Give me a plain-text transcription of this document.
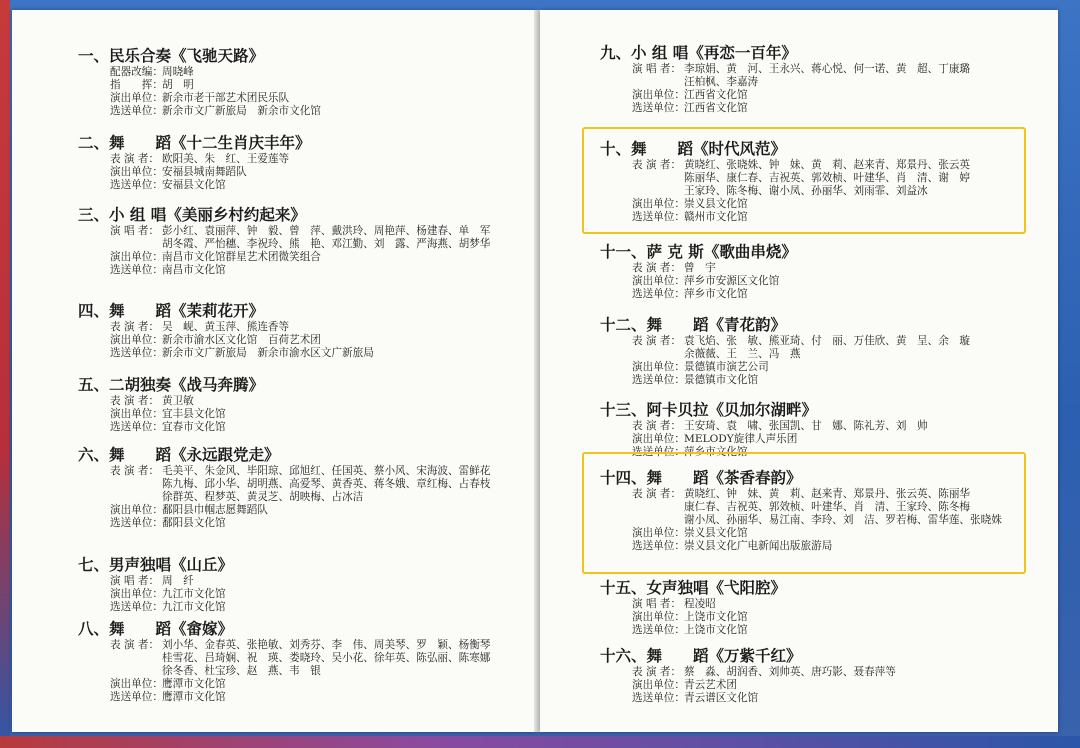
一、民乐合奏《飞驰天路》
配器改编： 周晓峰
指　　挥： 胡　明
演出单位： 新余市老干部艺术团民乐队
选送单位： 新余市文广新旅局　新余市文化馆
二、舞　　蹈《十二生肖庆丰年》
表 演 者： 欧阳美、朱　红、王爱莲等
演出单位： 安福县城南舞蹈队
选送单位： 安福县文化馆
三、小 组 唱《美丽乡村约起来》
演 唱 者： 彭小红、袁丽萍、钟　毅、曾　萍、戴洪玲、周艳萍、杨建春、单　军
胡冬霞、严怡穗、李祝玲、熊　艳、邓江勤、刘　露、严海燕、胡梦华
演出单位： 南昌市文化馆群星艺术团微笑组合
选送单位： 南昌市文化馆
四、舞　　蹈《茉莉花开》
表 演 者： 吴　岘、黄玉萍、熊连香等
演出单位： 新余市渝水区文化馆　百荷艺术团
选送单位： 新余市文广新旅局　新余市渝水区文广新旅局
五、二胡独奏《战马奔腾》
表 演 者： 黄卫敏
演出单位： 宜丰县文化馆
选送单位： 宜春市文化馆
六、舞　　蹈《永远跟党走》
表 演 者： 毛美平、朱金风、毕阳琼、邱旭红、任国英、蔡小风、宋海波、雷鲜花
陈九梅、邱小华、胡明燕、高爱琴、黄香英、蒋冬娥、章红梅、占春枝
徐群英、程梦英、黄灵芝、胡映梅、占冰洁
演出单位： 鄱阳县巾帼志愿舞蹈队
选送单位： 鄱阳县文化馆
七、男声独唱《山丘》
演 唱 者： 周　纤
演出单位： 九江市文化馆
选送单位： 九江市文化馆
八、舞　　蹈《畲嫁》
表 演 者： 刘小华、金春英、张艳敏、刘秀芬、李　伟、周美琴、罗　颖、杨衡琴
桂雪花、吕琦娴、祝　瑛、娄晓玲、吴小花、徐年英、陈弘丽、陈寒娜
徐冬香、杜宝珍、赵　燕、韦　银
演出单位： 鹰潭市文化馆
选送单位： 鹰潭市文化馆
九、小 组 唱《再恋一百年》
演 唱 者： 李琼娟、黄　河、王永兴、蒋心悦、何一诺、黄　超、丁康璐
汪柏枫、李嘉涛
演出单位： 江西省文化馆
选送单位： 江西省文化馆
十、舞　　蹈《时代风范》
表 演 者： 黄晓红、张晓姝、钟　妹、黄　莉、赵来青、郑景丹、张云英
陈丽华、康仁春、吉祝英、郭效桢、叶建华、肖　清、谢　婷
王家玲、陈冬梅、谢小凤、孙丽华、刘雨霏、刘益冰
演出单位： 崇义县文化馆
选送单位： 赣州市文化馆
十一、萨 克 斯《歌曲串烧》
表 演 者： 曾　宇
演出单位： 萍乡市安源区文化馆
选送单位： 萍乡市文化馆
十二、舞　　蹈《青花韵》
表 演 者： 袁飞焰、张　敏、熊亚琦、付　丽、万佳欣、黄　呈、余　璇
余薇薇、王　兰、冯　燕
演出单位： 景德镇市演艺公司
选送单位： 景德镇市文化馆
十三、阿卡贝拉《贝加尔湖畔》
表 演 者： 王安琦、袁　啸、张国凯、甘　娜、陈礼芳、刘　帅
演出单位： MELODY旋律人声乐团
选送单位： 萍乡市文化馆
十四、舞　　蹈《茶香春韵》
表 演 者： 黄晓红、钟　妹、黄　莉、赵来青、郑景丹、张云英、陈丽华
康仁春、吉祝英、郭效桢、叶建华、肖　清、王家玲、陈冬梅
谢小凤、孙丽华、易江南、李玲、刘　洁、罗若梅、雷华莲、张晓姝
演出单位： 崇义县文化馆
选送单位： 崇义县文化广电新闻出版旅游局
十五、女声独唱《弋阳腔》
演 唱 者： 程凌昭
演出单位： 上饶市文化馆
选送单位： 上饶市文化馆
十六、舞　　蹈《万紫千红》
表 演 者： 蔡　淼、胡润香、刘帅英、唐巧影、聂春萍等
演出单位： 青云艺术团
选送单位： 青云谱区文化馆
